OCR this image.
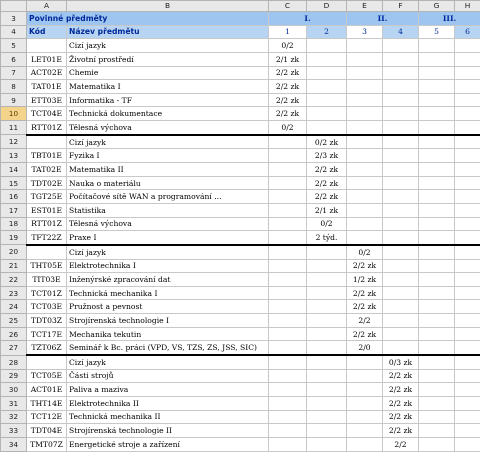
	A	B	C	D	E	F	G	H
3	Povinné předměty		I.		II.		III.	
4	Kód	Název předmětu	1	2	3	4	5	6
5		Cizí jazyk	0/2					
6	LET01E	Životní prostředí	2/1 zk					
7	ACT02E	Chemie	2/2 zk					
8	TAT01E	Matematika I	2/2 zk					
9	ETT03E	Informatika - TF	2/2 zk					
10	TCT04E	Technická dokumentace	2/2 zk					
11	RTT01Z	Tělesná výchova	0/2					
12		Cizí jazyk		0/2 zk				
13	TBT01E	Fyzika I		2/3 zk				
14	TAT02E	Matematika II		2/2 zk				
15	TDT02E	Nauka o materiálu		2/2 zk				
16	TGT25E	Počítačové sítě WAN a programování ...		2/2 zk				
17	EST01E	Statistika		2/1 zk				
18	RTT01Z	Tělesná výchova		0/2				
19	TFT22Z	Praxe I		2 týd.				
20		Cizí jazyk			0/2			
21	THT05E	Elektrotechnika I			2/2 zk			
22	TIT03E	Inženýrské zpracování dat			1/2 zk			
23	TCT01Z	Technická mechanika I			2/2 zk			
24	TCT03E	Pružnost a pevnost			2/2 zk			
25	TDT03Z	Strojírenská technologie I			2/2			
26	TCT17E	Mechanika tekutin			2/2 zk			
27	TZT06Z	Seminář k Bc. práci (VPD, VS, TZS, ZS, JSS, SIC)			2/0			
28		Cizí jazyk				0/3 zk		
29	TCT05E	Části strojů				2/2 zk		
30	ACT01E	Paliva a maziva				2/2 zk		
31	THT14E	Elektrotechnika II				2/2 zk		
32	TCT12E	Technická mechanika II				2/2 zk		
33	TDT04E	Strojírenská technologie II				2/2 zk		
34	TMT07Z	Energetické stroje a zařízení				2/2		
